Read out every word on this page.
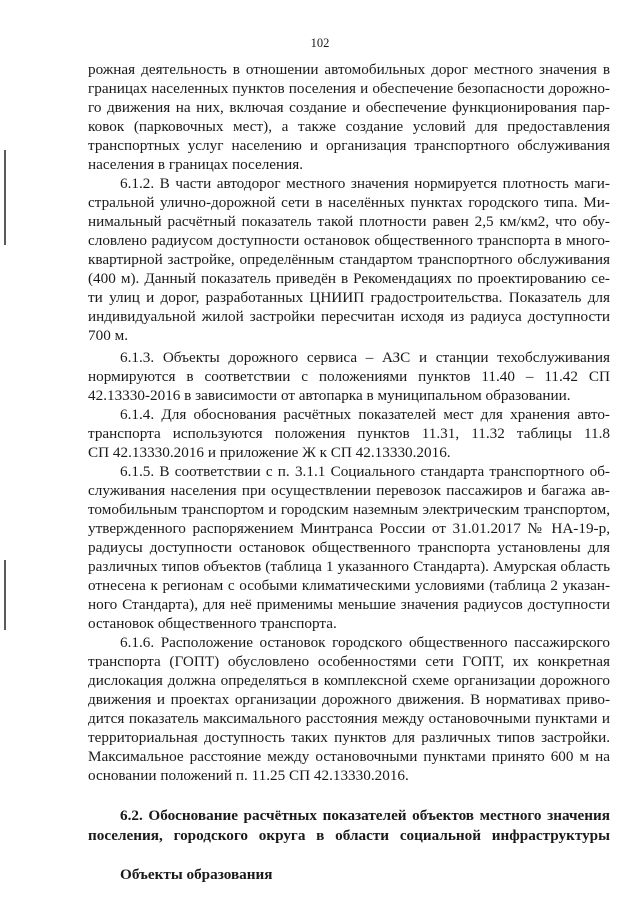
102
рожная деятельность в отношении автомобильных дорог местного значения в
границах населенных пунктов поселения и обеспечение безопасности дорожно-
го движения на них, включая создание и обеспечение функционирования пар-
ковок (парковочных мест), а также создание условий для предоставления
транспортных услуг населению и организация транспортного обслуживания
населения в границах поселения.
6.1.2. В части автодорог местного значения нормируется плотность маги-
стральной улично-дорожной сети в населённых пунктах городского типа. Ми-
нимальный расчётный показатель такой плотности равен 2,5 км/км2, что обу-
словлено радиусом доступности остановок общественного транспорта в много-
квартирной застройке, определённым стандартом транспортного обслуживания
(400 м). Данный показатель приведён в Рекомендациях по проектированию се-
ти улиц и дорог, разработанных ЦНИИП градостроительства. Показатель для
индивидуальной жилой застройки пересчитан исходя из радиуса доступности
700 м.
6.1.3. Объекты дорожного сервиса – АЗС и станции техобслуживания
нормируются в соответствии с положениями пунктов 11.40 – 11.42 СП
42.13330-2016 в зависимости от автопарка в муниципальном образовании.
6.1.4. Для обоснования расчётных показателей мест для хранения авто-
транспорта используются положения пунктов 11.31, 11.32 таблицы 11.8
СП 42.13330.2016 и приложение Ж к СП 42.13330.2016.
6.1.5. В соответствии с п. 3.1.1 Социального стандарта транспортного об-
служивания населения при осуществлении перевозок пассажиров и багажа ав-
томобильным транспортом и городским наземным электрическим транспортом,
утвержденного распоряжением Минтранса России от 31.01.2017 № НА-19-р,
радиусы доступности остановок общественного транспорта установлены для
различных типов объектов (таблица 1 указанного Стандарта). Амурская область
отнесена к регионам с особыми климатическими условиями (таблица 2 указан-
ного Стандарта), для неё применимы меньшие значения радиусов доступности
остановок общественного транспорта.
6.1.6. Расположение остановок городского общественного пассажирского
транспорта (ГОПТ) обусловлено особенностями сети ГОПТ, их конкретная
дислокация должна определяться в комплексной схеме организации дорожного
движения и проектах организации дорожного движения. В нормативах приво-
дится показатель максимального расстояния между остановочными пунктами и
территориальная доступность таких пунктов для различных типов застройки.
Максимальное расстояние между остановочными пунктами принято 600 м на
основании положений п. 11.25 СП 42.13330.2016.
6.2. Обоснование расчётных показателей объектов местного значения
поселения, городского округа в области социальной инфраструктуры
Объекты образования
